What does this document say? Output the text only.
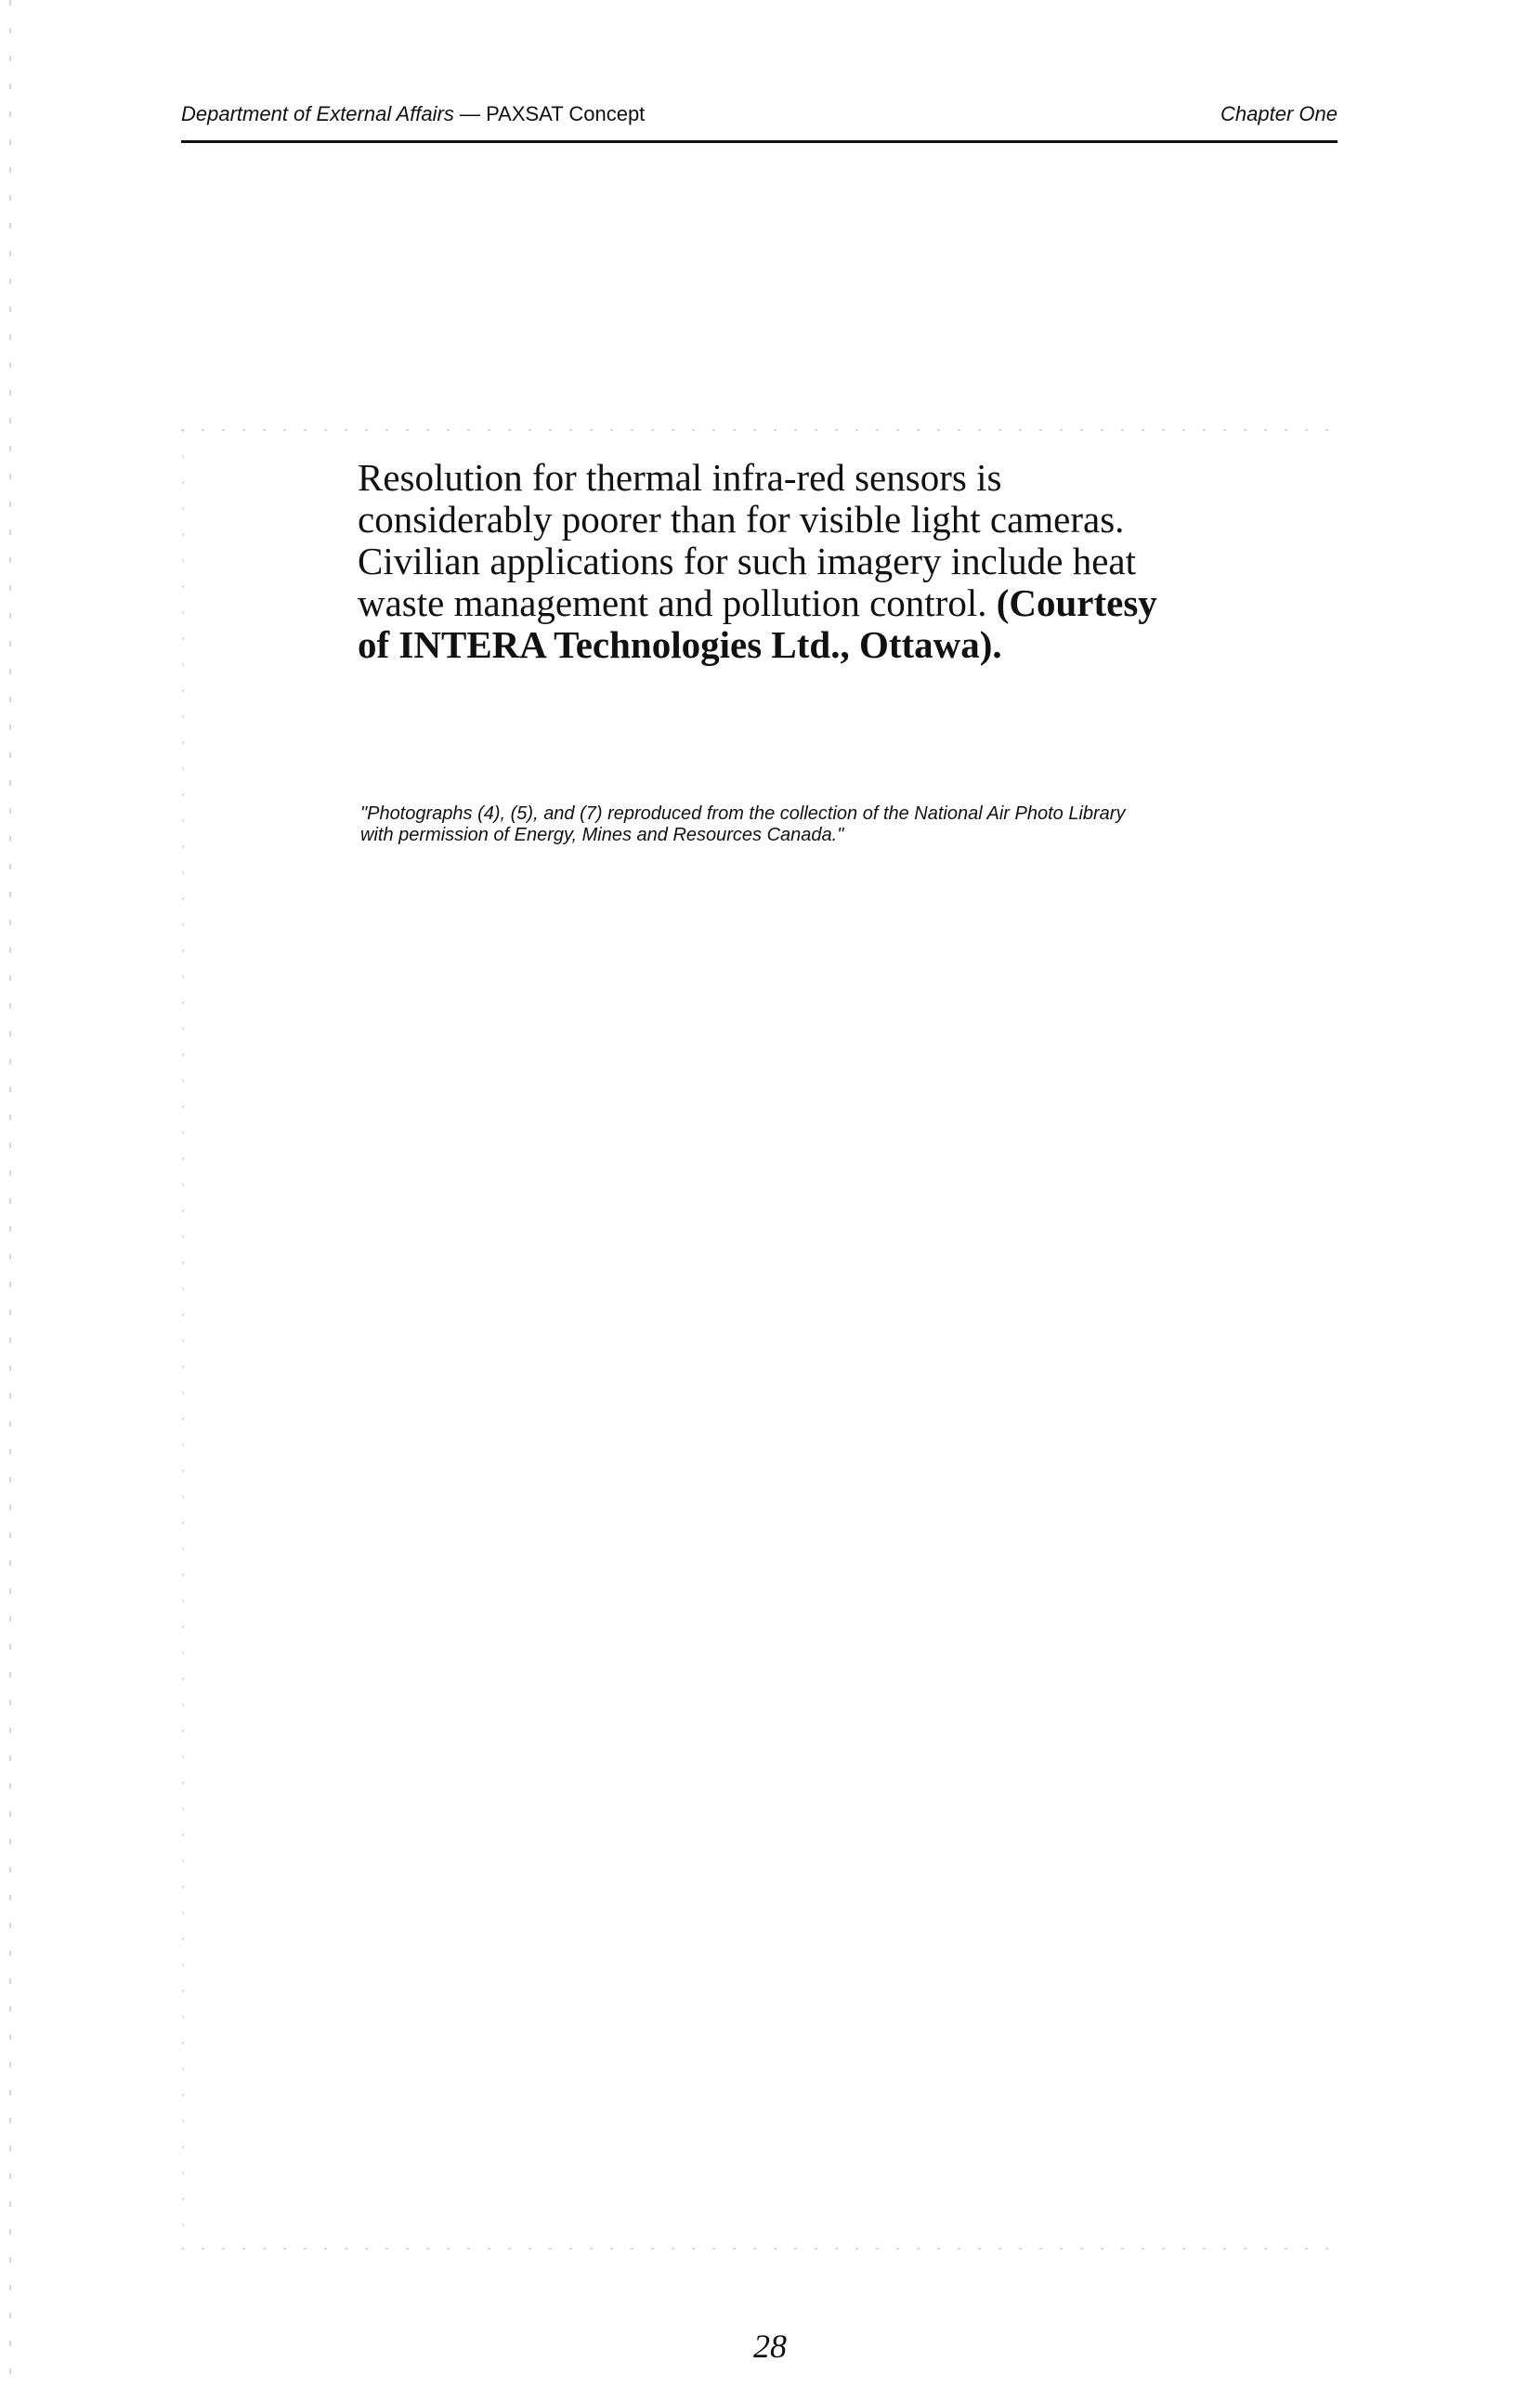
Department of External Affairs — PAXSAT Concept	Chapter One
Resolution for thermal infra-red sensors is considerably poorer than for visible light cameras. Civilian applications for such imagery include heat waste management and pollution control. (Courtesy of INTERA Technologies Ltd., Ottawa).
"Photographs (4), (5), and (7) reproduced from the collection of the National Air Photo Library with permission of Energy, Mines and Resources Canada."
28
